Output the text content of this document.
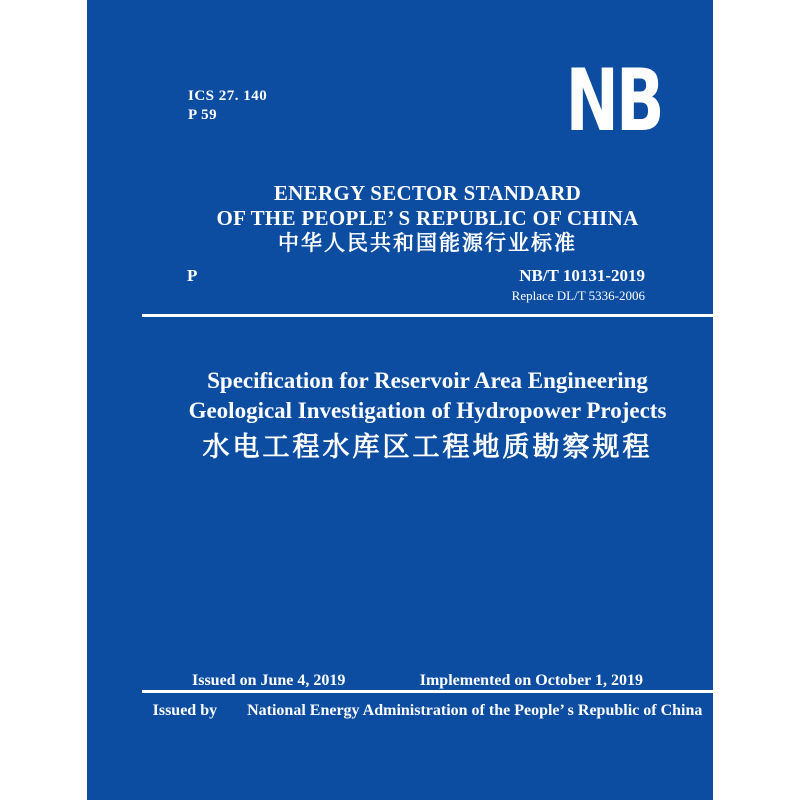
NB
ICS 27. 140
P 59
ENERGY SECTOR STANDARD
OF THE PEOPLE’ S REPUBLIC OF CHINA
中华人民共和国能源行业标准
P	NB/T 10131-2019
Replace DL/T 5336-2006
Specification for Reservoir Area Engineering
Geological Investigation of Hydropower Projects
水电工程水库区工程地质勘察规程
Issued on June 4, 2019	Implemented on October 1, 2019
Issued by National Energy Administration of the People’ s Republic of China
